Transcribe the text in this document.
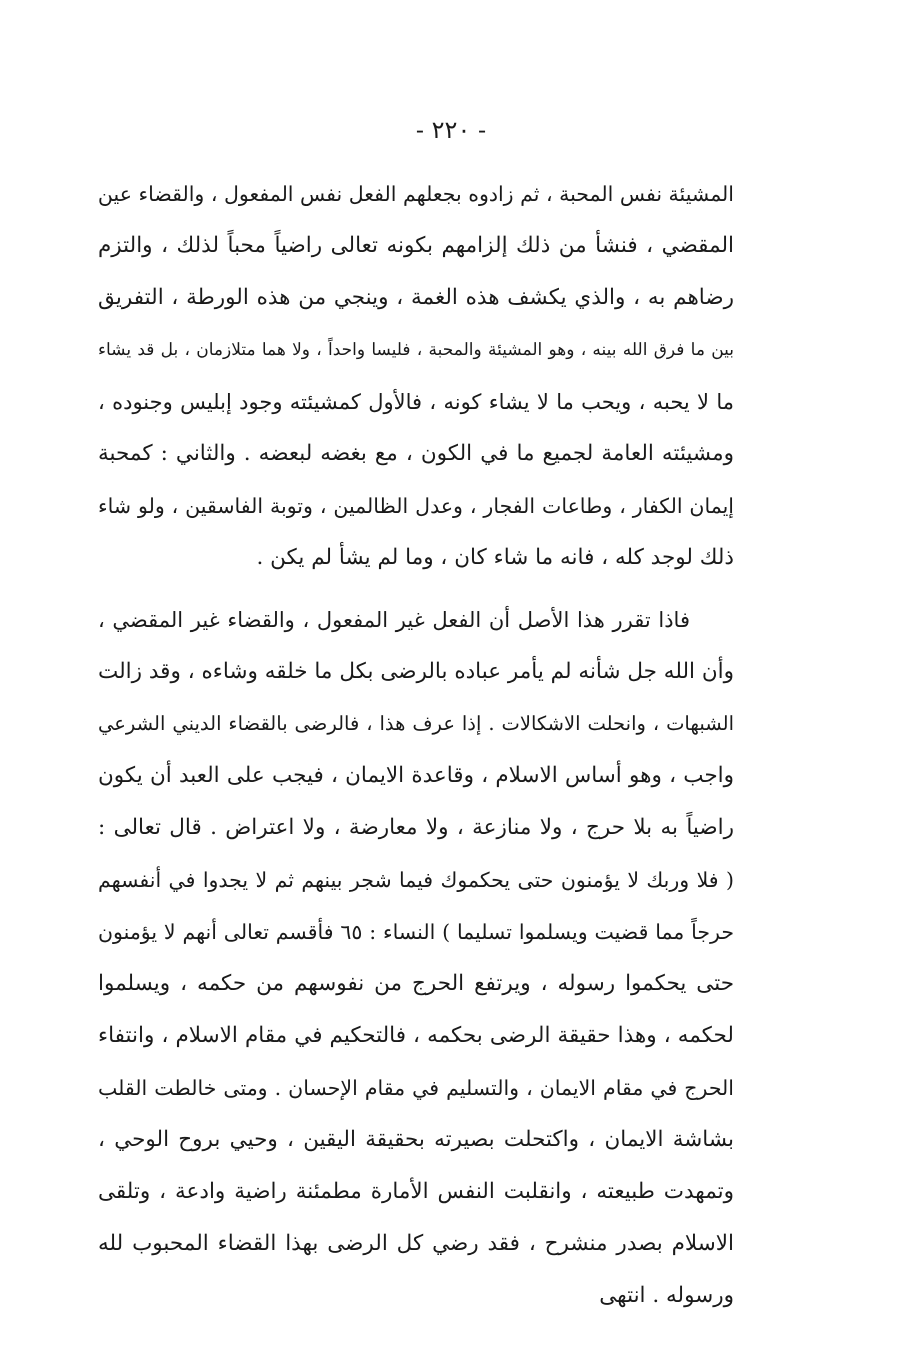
- ٢٢٠ -
المشيئة نفس المحبة ، ثم زادوه بجعلهم الفعل نفس المفعول ، والقضاء عين
المقضي ، فنشأ من ذلك إلزامهم بكونه تعالى راضياً محباً لذلك ، والتزم
رضاهم به ، والذي يكشف هذه الغمة ، وينجي من هذه الورطة ، التفريق
بين ما فرق الله بينه ، وهو المشيئة والمحبة ، فليسا واحداً ، ولا هما متلازمان ، بل قد يشاء
ما لا يحبه ، ويحب ما لا يشاء كونه ، فالأول كمشيئته وجود إبليس وجنوده ،
ومشيئته العامة لجميع ما في الكون ، مع بغضه لبعضه . والثاني : كمحبة
إيمان الكفار ، وطاعات الفجار ، وعدل الظالمين ، وتوبة الفاسقين ، ولو شاء
ذلك لوجد كله ، فانه ما شاء كان ، وما لم يشأ لم يكن .
فاذا تقرر هذا الأصل أن الفعل غير المفعول ، والقضاء غير المقضي ،
وأن الله جل شأنه لم يأمر عباده بالرضى بكل ما خلقه وشاءه ، وقد زالت
الشبهات ، وانحلت الاشكالات . إذا عرف هذا ، فالرضى بالقضاء الديني الشرعي
واجب ، وهو أساس الاسلام ، وقاعدة الايمان ، فيجب على العبد أن يكون
راضياً به بلا حرج ، ولا منازعة ، ولا معارضة ، ولا اعتراض . قال تعالى :
( فلا وربك لا يؤمنون حتى يحكموك فيما شجر بينهم ثم لا يجدوا في أنفسهم
حرجاً مما قضيت ويسلموا تسليما ) النساء : ٦٥ فأقسم تعالى أنهم لا يؤمنون
حتى يحكموا رسوله ، ويرتفع الحرج من نفوسهم من حكمه ، ويسلموا
لحكمه ، وهذا حقيقة الرضى بحكمه ، فالتحكيم في مقام الاسلام ، وانتفاء
الحرج في مقام الايمان ، والتسليم في مقام الإحسان . ومتى خالطت القلب
بشاشة الايمان ، واكتحلت بصيرته بحقيقة اليقين ، وحيي بروح الوحي ،
وتمهدت طبيعته ، وانقلبت النفس الأمارة مطمئنة راضية وادعة ، وتلقى
الاسلام بصدر منشرح ، فقد رضي كل الرضى بهذا القضاء المحبوب لله
ورسوله . انتهى
